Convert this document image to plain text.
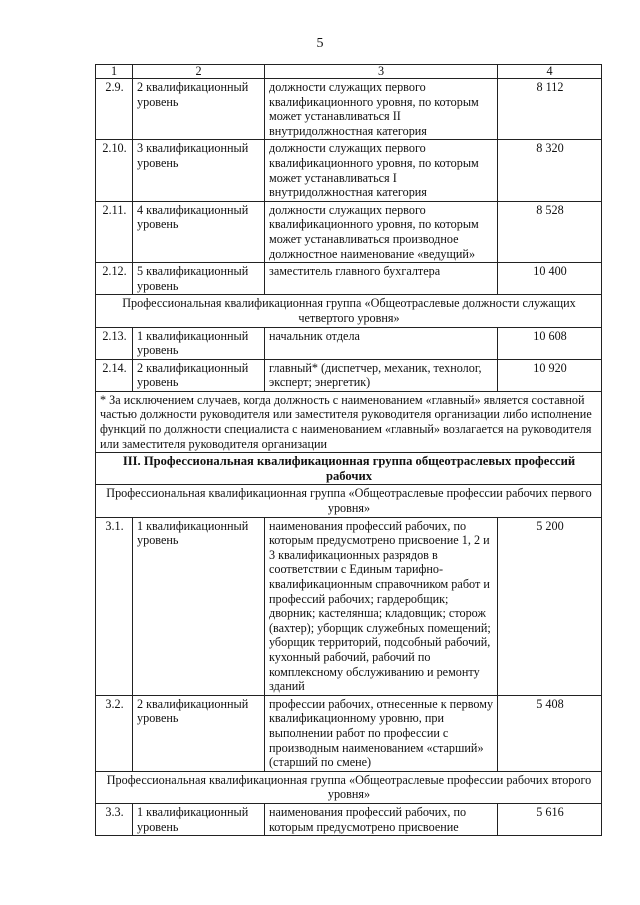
5
1	2	3	4
2.9.	2 квалификационный уровень	должности служащих первого квалификационного уровня, по которым может устанавливаться II внутридолжностная категория	8 112
2.10.	3 квалификационный уровень	должности служащих первого квалификационного уровня, по которым может устанавливаться I внутридолжностная категория	8 320
2.11.	4 квалификационный уровень	должности служащих первого квалификационного уровня, по которым может устанавливаться производное должностное наименование «ведущий»	8 528
2.12.	5 квалификационный уровень	заместитель главного бухгалтера	10 400
Профессиональная квалификационная группа «Общеотраслевые должности служащих четвертого уровня»			
2.13.	1 квалификационный уровень	начальник отдела	10 608
2.14.	2 квалификационный уровень	главный* (диспетчер, механик, технолог, эксперт; энергетик)	10 920
* За исключением случаев, когда должность с наименованием «главный» является составной частью должности руководителя или заместителя руководителя организации либо исполнение функций по должности специалиста с наименованием «главный» возлагается на руководителя или заместителя руководителя организации			
III. Профессиональная квалификационная группа общеотраслевых профессий рабочих			
Профессиональная квалификационная группа «Общеотраслевые профессии рабочих первого уровня»			
3.1.	1 квалификационный уровень	наименования профессий рабочих, по которым предусмотрено присвоение 1, 2 и 3 квалификационных разрядов в соответствии с Единым тарифно-квалификационным справочником работ и профессий рабочих; гардеробщик; дворник; кастелянша; кладовщик; сторож (вахтер); уборщик служебных помещений; уборщик территорий, подсобный рабочий, кухонный рабочий, рабочий по комплексному обслуживанию и ремонту зданий	5 200
3.2.	2 квалификационный уровень	профессии рабочих, отнесенные к первому квалификационному уровню, при выполнении работ по профессии с производным наименованием «старший» (старший по смене)	5 408
Профессиональная квалификационная группа «Общеотраслевые профессии рабочих второго уровня»			
3.3.	1 квалификационный уровень	наименования профессий рабочих, по которым предусмотрено присвоение	5 616
